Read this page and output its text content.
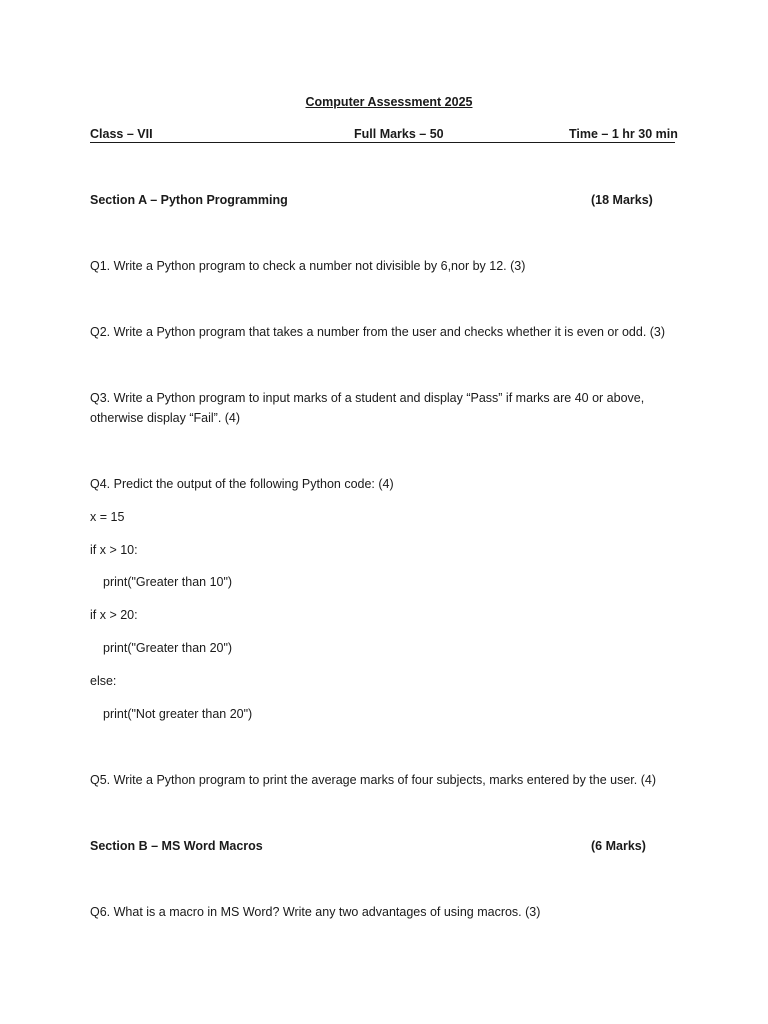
Computer Assessment 2025
Class – VII	Full Marks – 50	Time – 1 hr 30 min
Section A – Python Programming	(18 Marks)
Q1. Write a Python program to check a number not divisible by 6,nor by 12. (3)
Q2. Write a Python program that takes a number from the user and checks whether it is even or odd. (3)
Q3. Write a Python program to input marks of a student and display “Pass” if marks are 40 or above, otherwise display “Fail”. (4)
Q4. Predict the output of the following Python code: (4)
x = 15
if x > 10:
print("Greater than 10")
if x > 20:
print("Greater than 20")
else:
print("Not greater than 20")
Q5. Write a Python program to print the average marks of four subjects, marks entered by the user. (4)
Section B – MS Word Macros	(6 Marks)
Q6. What is a macro in MS Word? Write any two advantages of using macros. (3)
